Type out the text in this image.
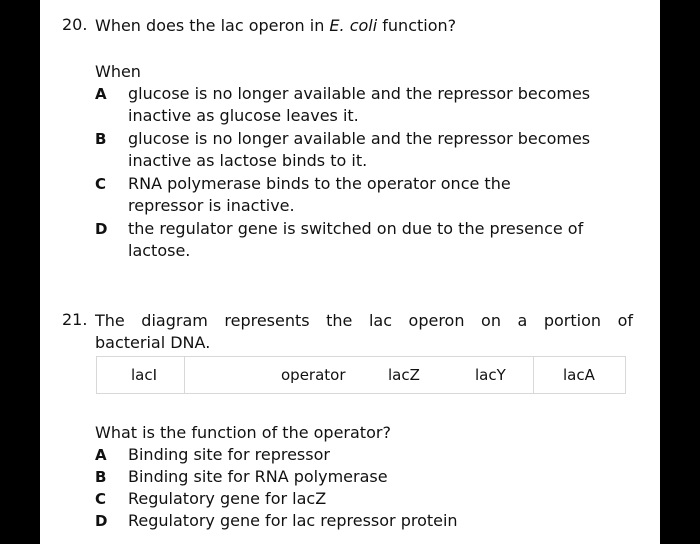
20. When does the lac operon in E. coli function?
When
A glucose is no longer available and the repressor becomes
inactive as glucose leaves it.
B glucose is no longer available and the repressor becomes
inactive as lactose binds to it.
C RNA polymerase binds to the operator once the
repressor is inactive.
D the regulator gene is switched on due to the presence of
lactose.
21. The diagram represents the lac operon on a portion of
bacterial DNA.
lacI	operator	lacZ	lacY	lacA
What is the function of the operator?
A Binding site for repressor
B Binding site for RNA polymerase
C Regulatory gene for lacZ
D Regulatory gene for lac repressor protein
